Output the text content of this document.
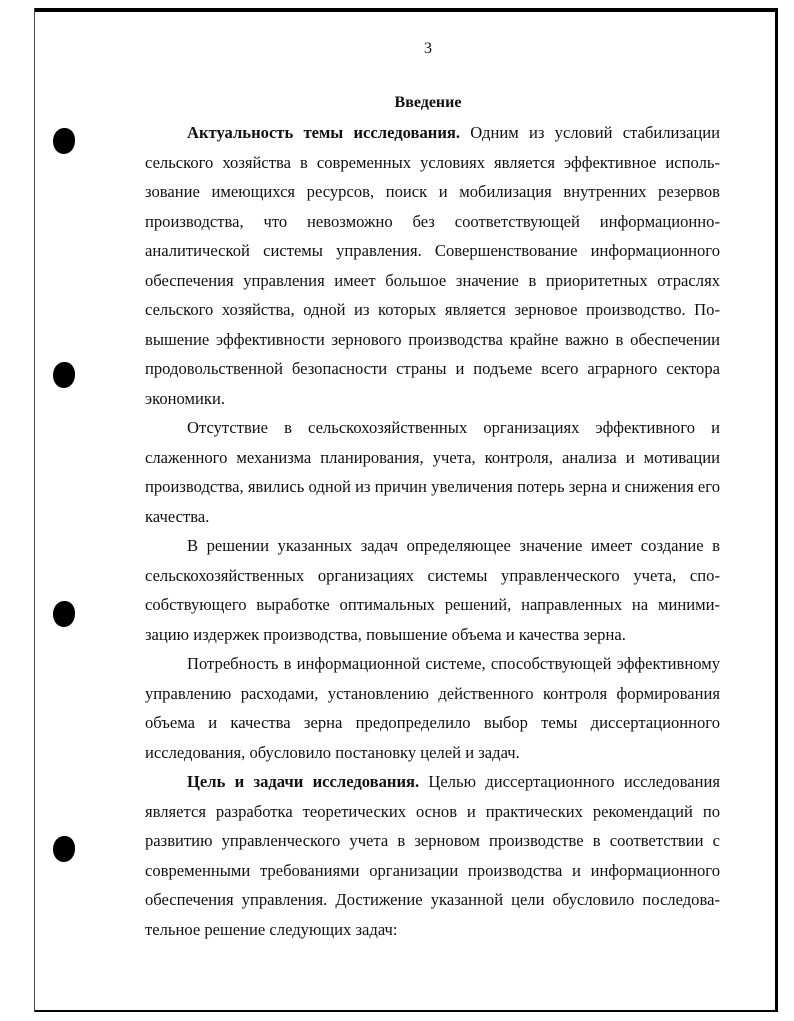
3
Введение

Актуальность темы исследования. Одним из условий стабилизации сельского хозяйства в современных условиях является эффективное использование имеющихся ресурсов, поиск и мобилизация внутренних резервов производства, что невозможно без соответствующей информационно-аналитической системы управления. Совершенствование информационного обеспечения управления имеет большое значение в приоритетных отраслях сельского хозяйства, одной из которых является зерновое производство. Повышение эффективности зернового производства крайне важно в обеспечении продовольственной безопасности страны и подъеме всего аграрного сектора экономики.

Отсутствие в сельскохозяйственных организациях эффективного и слаженного механизма планирования, учета, контроля, анализа и мотивации производства, явились одной из причин увеличения потерь зерна и снижения его качества.

В решении указанных задач определяющее значение имеет создание в сельскохозяйственных организациях системы управленческого учета, способствующего выработке оптимальных решений, направленных на минимизацию издержек производства, повышение объема и качества зерна.

Потребность в информационной системе, способствующей эффективному управлению расходами, установлению действенного контроля формирования объема и качества зерна предопределило выбор темы диссертационного исследования, обусловило постановку целей и задач.

Цель и задачи исследования. Целью диссертационного исследования является разработка теоретических основ и практических рекомендаций по развитию управленческого учета в зерновом производстве в соответствии с современными требованиями организации производства и информационного обеспечения управления. Достижение указанной цели обусловило последовательное решение следующих задач:
